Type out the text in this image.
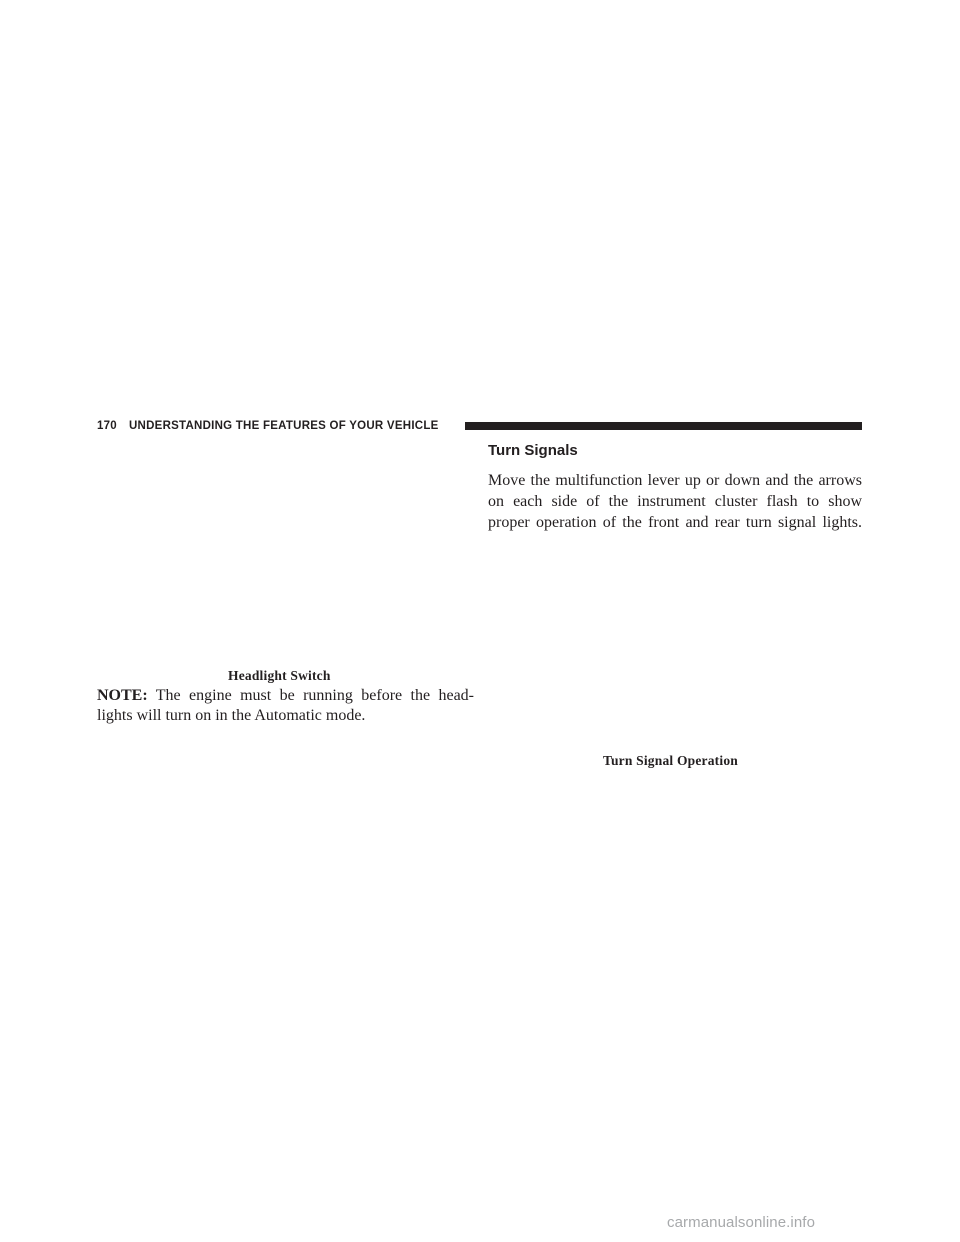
170 UNDERSTANDING THE FEATURES OF YOUR VEHICLE
Headlight Switch
NOTE: The engine must be running before the head-
lights will turn on in the Automatic mode.
Turn Signals
Move the multifunction lever up or down and the arrows
on each side of the instrument cluster flash to show
proper operation of the front and rear turn signal lights.
Turn Signal Operation
carmanualsonline.info
